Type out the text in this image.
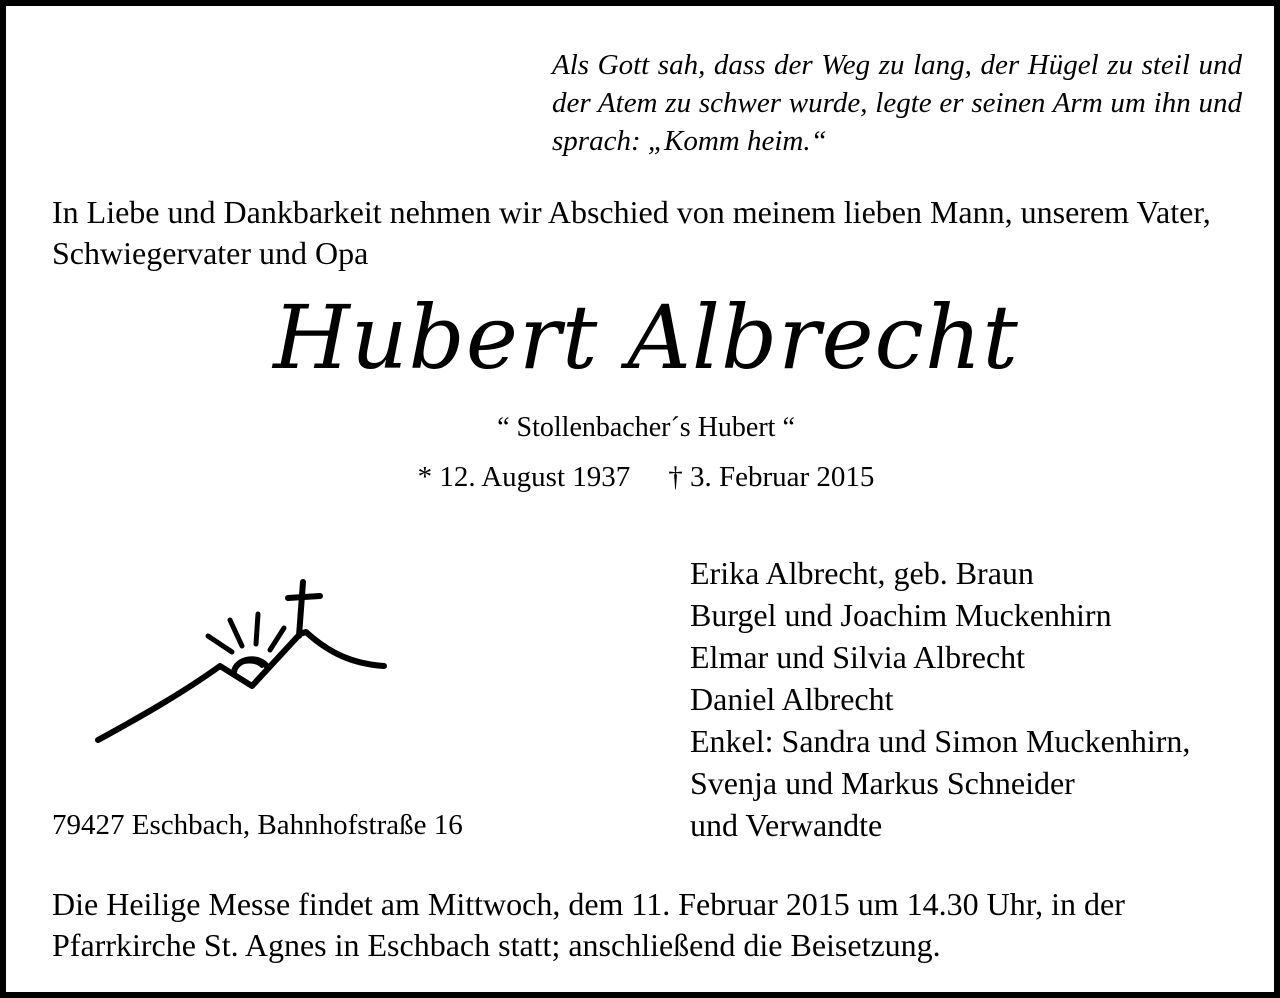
Als Gott sah, dass der Weg zu lang, der Hügel zu steil und der Atem zu schwer wurde, legte er seinen Arm um ihn und sprach: „Komm heim.“

In Liebe und Dankbarkeit nehmen wir Abschied von meinem lieben Mann, unserem Vater, Schwiegervater und Opa

Hubert Albrecht
“ Stollenbacher´s Hubert “
* 12. August 1937 † 3. Februar 2015
79427 Eschbach, Bahnhofstraße 16
Erika Albrecht, geb. Braun
Burgel und Joachim Muckenhirn
Elmar und Silvia Albrecht
Daniel Albrecht
Enkel: Sandra und Simon Muckenhirn,
Svenja und Markus Schneider
und Verwandte

Die Heilige Messe findet am Mittwoch, dem 11. Februar 2015 um 14.30 Uhr, in der Pfarrkirche St. Agnes in Eschbach statt; anschließend die Beisetzung.
